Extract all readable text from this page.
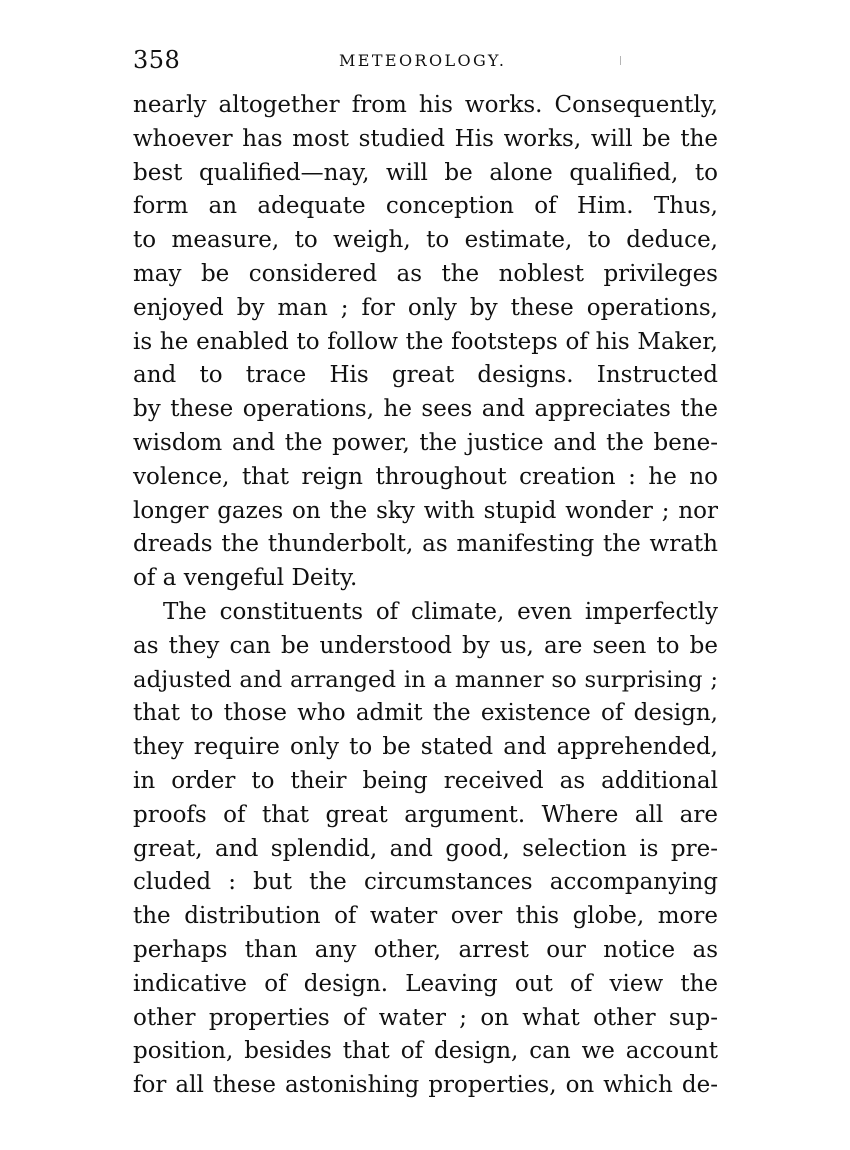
358	METEOROLOGY.
nearly altogether from his works. Consequently,
whoever has most studied His works, will be the
best qualified—nay, will be alone qualified, to
form an adequate conception of Him. Thus,
to measure, to weigh, to estimate, to deduce,
may be considered as the noblest privileges
enjoyed by man ; for only by these operations,
is he enabled to follow the footsteps of his Maker,
and to trace His great designs. Instructed
by these operations, he sees and appreciates the
wisdom and the power, the justice and the bene-
volence, that reign throughout creation : he no
longer gazes on the sky with stupid wonder ; nor
dreads the thunderbolt, as manifesting the wrath
of a vengeful Deity.
The constituents of climate, even imperfectly
as they can be understood by us, are seen to be
adjusted and arranged in a manner so surprising ;
that to those who admit the existence of design,
they require only to be stated and apprehended,
in order to their being received as additional
proofs of that great argument. Where all are
great, and splendid, and good, selection is pre-
cluded : but the circumstances accompanying
the distribution of water over this globe, more
perhaps than any other, arrest our notice as
indicative of design. Leaving out of view the
other properties of water ; on what other sup-
position, besides that of design, can we account
for all these astonishing properties, on which de-
